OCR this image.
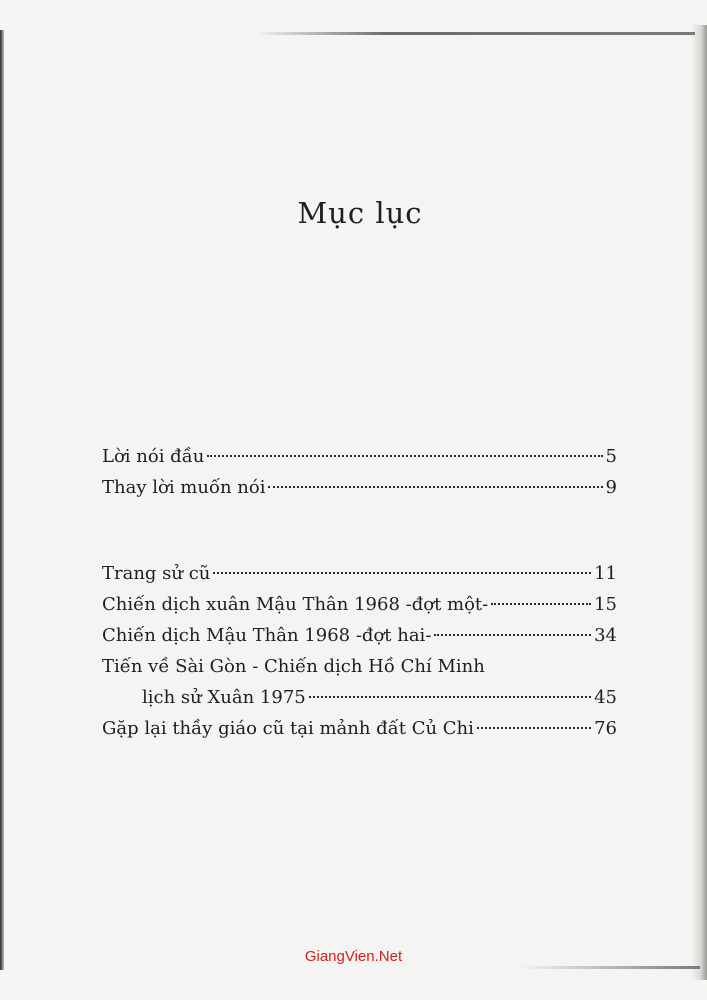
Mục lục
Lời nói đầu	5
Thay lời muốn nói	9
Trang sử cũ	11
Chiến dịch xuân Mậu Thân 1968 -đợt một-	15
Chiến dịch Mậu Thân 1968 -đợt hai-	34
Tiến về Sài Gòn - Chiến dịch Hồ Chí Minh
lịch sử Xuân 1975	45
Gặp lại thầy giáo cũ tại mảnh đất Củ Chi	76
GiangVien.Net
